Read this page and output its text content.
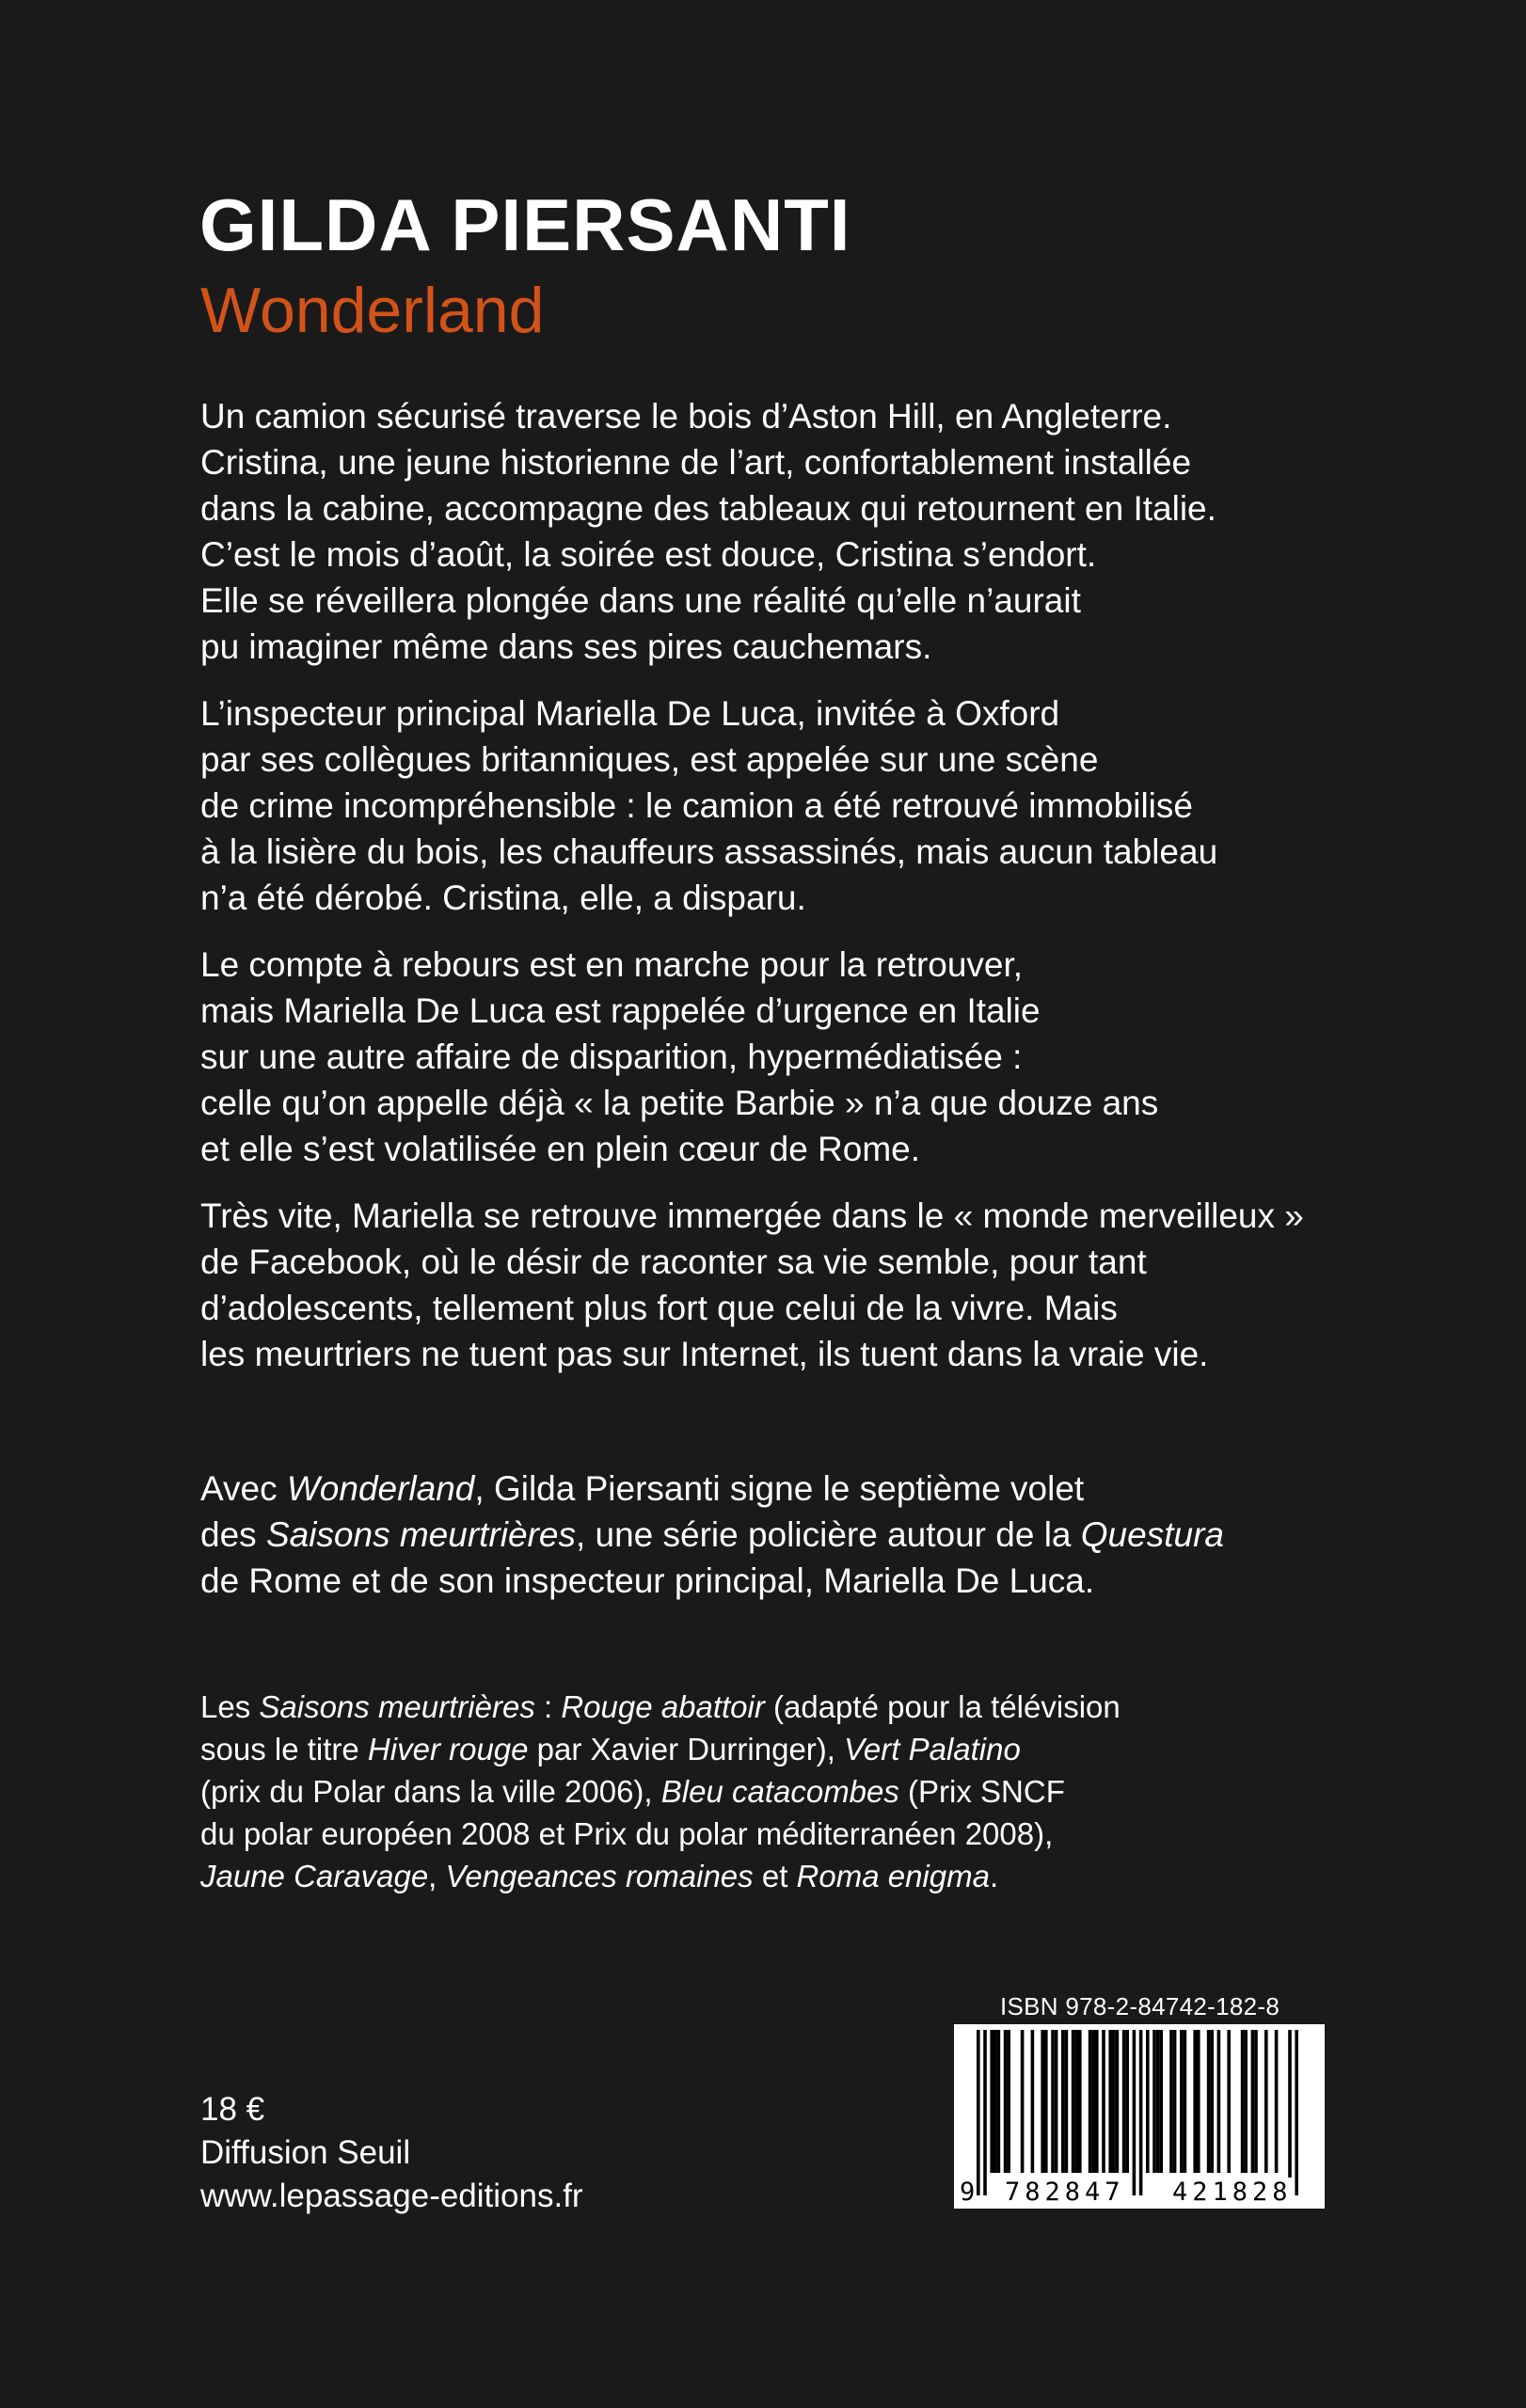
GILDA PIERSANTI
Wonderland

Un camion sécurisé traverse le bois d’Aston Hill, en Angleterre.
Cristina, une jeune historienne de l’art, confortablement installée
dans la cabine, accompagne des tableaux qui retournent en Italie.
C’est le mois d’août, la soirée est douce, Cristina s’endort.
Elle se réveillera plongée dans une réalité qu’elle n’aurait
pu imaginer même dans ses pires cauchemars.

L’inspecteur principal Mariella De Luca, invitée à Oxford
par ses collègues britanniques, est appelée sur une scène
de crime incompréhensible : le camion a été retrouvé immobilisé
à la lisière du bois, les chauffeurs assassinés, mais aucun tableau
n’a été dérobé. Cristina, elle, a disparu.

Le compte à rebours est en marche pour la retrouver,
mais Mariella De Luca est rappelée d’urgence en Italie
sur une autre affaire de disparition, hypermédiatisée :
celle qu’on appelle déjà « la petite Barbie » n’a que douze ans
et elle s’est volatilisée en plein cœur de Rome.

Très vite, Mariella se retrouve immergée dans le « monde merveilleux »
de Facebook, où le désir de raconter sa vie semble, pour tant
d’adolescents, tellement plus fort que celui de la vivre. Mais
les meurtriers ne tuent pas sur Internet, ils tuent dans la vraie vie.

Avec Wonderland, Gilda Piersanti signe le septième volet
des Saisons meurtrières, une série policière autour de la Questura
de Rome et de son inspecteur principal, Mariella De Luca.
Les Saisons meurtrières : Rouge abattoir (adapté pour la télévision
sous le titre Hiver rouge par Xavier Durringer), Vert Palatino
(prix du Polar dans la ville 2006), Bleu catacombes (Prix SNCF
du polar européen 2008 et Prix du polar méditerranéen 2008),
Jaune Caravage, Vengeances romaines et Roma enigma.
18 €
Diffusion Seuil
www.lepassage-editions.fr
ISBN 978-2-84742-182-8
9 782847 421828
